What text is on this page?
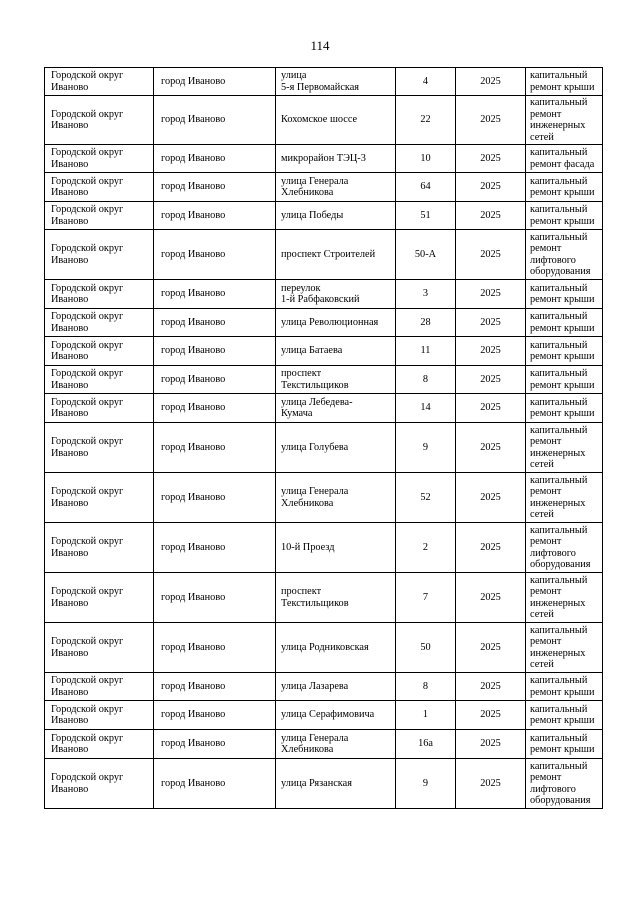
114
Городской округ
Иваново	город Иваново	улица
5-я Первомайская	4	2025	капитальный
ремонт крыши

Городской округ
Иваново	город Иваново	Кохомское шоссе	22	2025	капитальный
ремонт
инженерных
сетей

Городской округ
Иваново	город Иваново	микрорайон ТЭЦ-3	10	2025	капитальный
ремонт фасада

Городской округ
Иваново	город Иваново	улица Генерала
Хлебникова	64	2025	капитальный
ремонт крыши

Городской округ
Иваново	город Иваново	улица Победы	51	2025	капитальный
ремонт крыши

Городской округ
Иваново	город Иваново	проспект Строителей	50-А	2025	капитальный
ремонт
лифтового
оборудования

Городской округ
Иваново	город Иваново	переулок
1-й Рабфаковский	3	2025	капитальный
ремонт крыши

Городской округ
Иваново	город Иваново	улица Революционная	28	2025	капитальный
ремонт крыши

Городской округ
Иваново	город Иваново	улица Батаева	11	2025	капитальный
ремонт крыши

Городской округ
Иваново	город Иваново	проспект
Текстильщиков	8	2025	капитальный
ремонт крыши

Городской округ
Иваново	город Иваново	улица Лебедева-
Кумача	14	2025	капитальный
ремонт крыши

Городской округ
Иваново	город Иваново	улица Голубева	9	2025	капитальный
ремонт
инженерных
сетей

Городской округ
Иваново	город Иваново	улица Генерала
Хлебникова	52	2025	капитальный
ремонт
инженерных
сетей

Городской округ
Иваново	город Иваново	10-й Проезд	2	2025	капитальный
ремонт
лифтового
оборудования

Городской округ
Иваново	город Иваново	проспект
Текстильщиков	7	2025	капитальный
ремонт
инженерных
сетей

Городской округ
Иваново	город Иваново	улица Родниковская	50	2025	капитальный
ремонт
инженерных
сетей

Городской округ
Иваново	город Иваново	улица Лазарева	8	2025	капитальный
ремонт крыши

Городской округ
Иваново	город Иваново	улица Серафимовича	1	2025	капитальный
ремонт крыши

Городской округ
Иваново	город Иваново	улица Генерала
Хлебникова	16а	2025	капитальный
ремонт крыши

Городской округ
Иваново	город Иваново	улица Рязанская	9	2025	капитальный
ремонт
лифтового
оборудования
